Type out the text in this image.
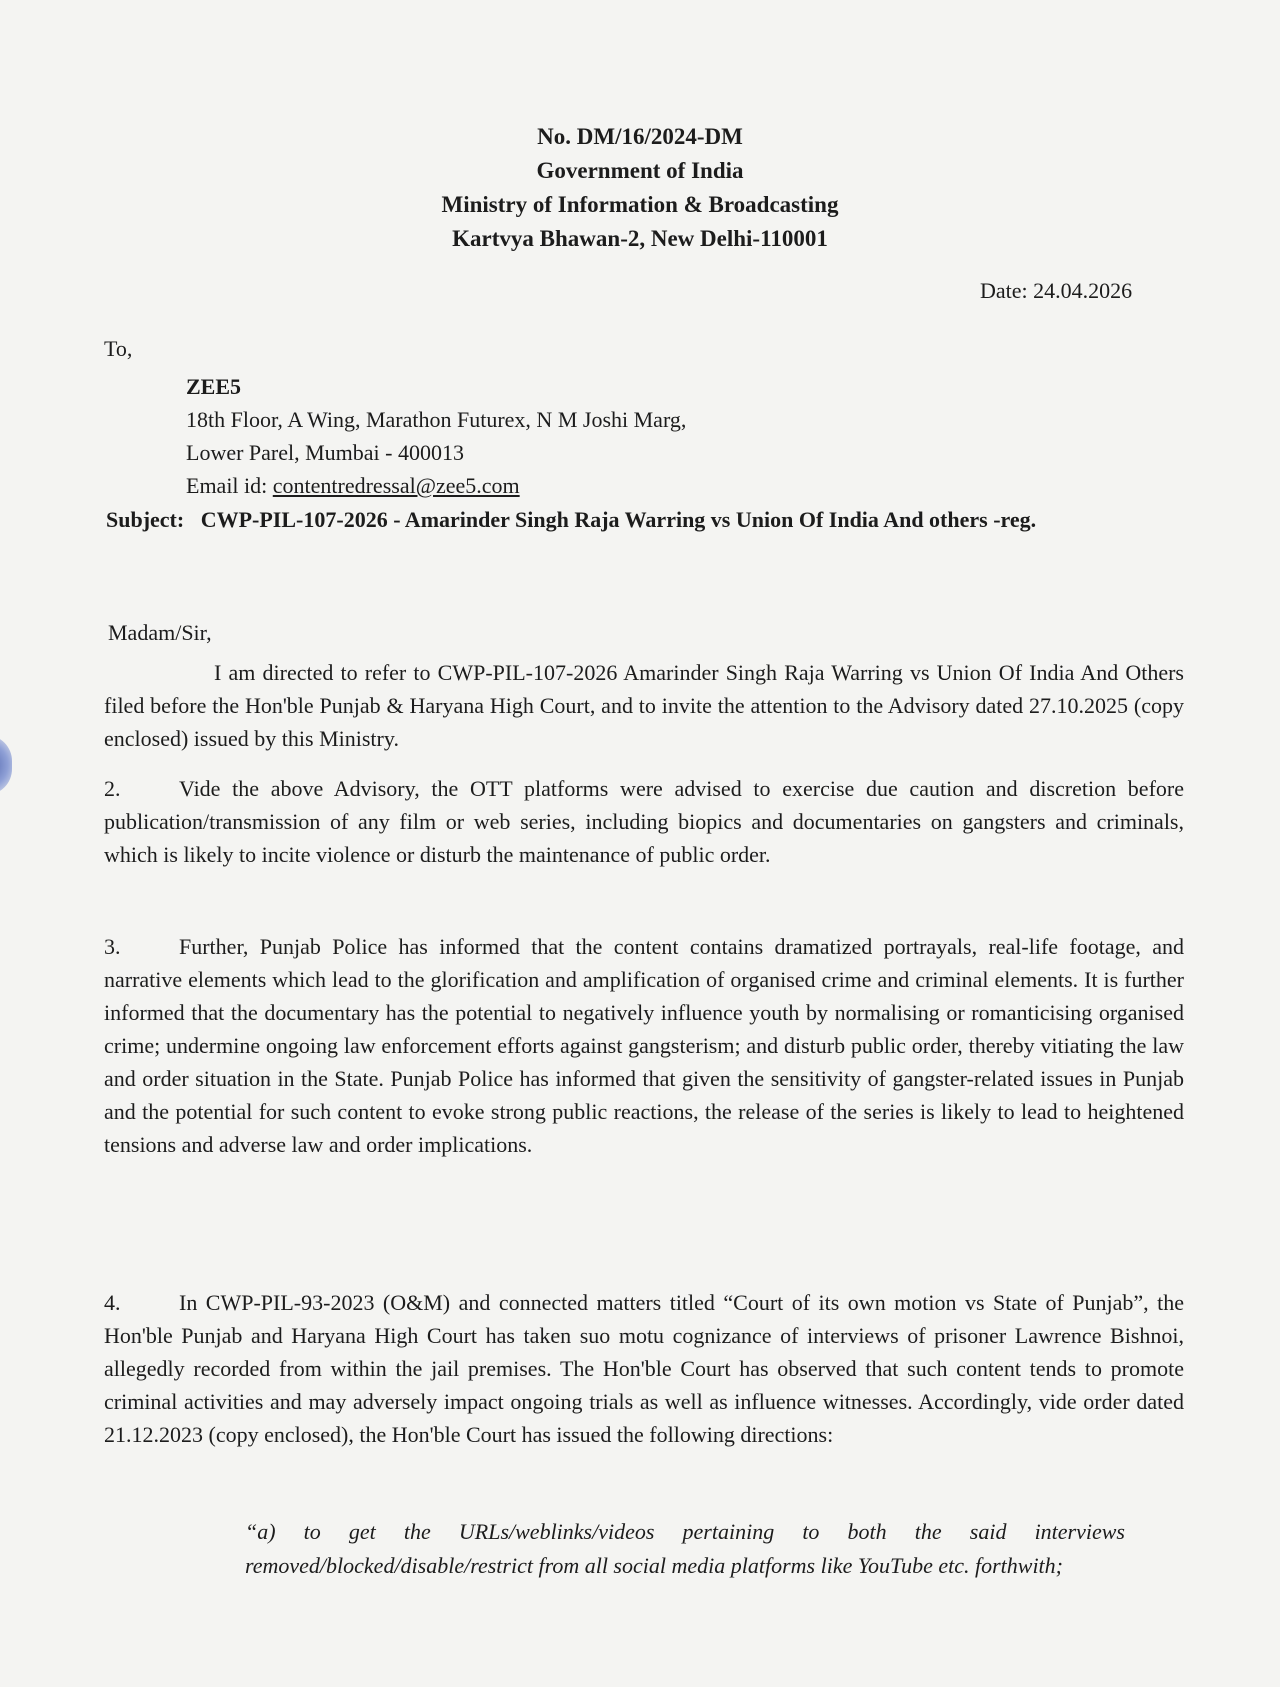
No. DM/16/2024-DM
Government of India
Ministry of Information & Broadcasting
Kartvya Bhawan-2, New Delhi-110001
Date: 24.04.2026
To,
ZEE5
18th Floor, A Wing, Marathon Futurex, N M Joshi Marg,
Lower Parel, Mumbai - 400013
Email id: contentredressal@zee5.com
Subject: CWP-PIL-107-2026 - Amarinder Singh Raja Warring vs Union Of India And others -reg.
Madam/Sir,
I am directed to refer to CWP-PIL-107-2026 Amarinder Singh Raja Warring vs Union Of India And Others filed before the Hon'ble Punjab & Haryana High Court, and to invite the attention to the Advisory dated 27.10.2025 (copy enclosed) issued by this Ministry.
2.	Vide the above Advisory, the OTT platforms were advised to exercise due caution and discretion before publication/transmission of any film or web series, including biopics and documentaries on gangsters and criminals, which is likely to incite violence or disturb the maintenance of public order.
3.	Further, Punjab Police has informed that the content contains dramatized portrayals, real-life footage, and narrative elements which lead to the glorification and amplification of organised crime and criminal elements. It is further informed that the documentary has the potential to negatively influence youth by normalising or romanticising organised crime; undermine ongoing law enforcement efforts against gangsterism; and disturb public order, thereby vitiating the law and order situation in the State. Punjab Police has informed that given the sensitivity of gangster-related issues in Punjab and the potential for such content to evoke strong public reactions, the release of the series is likely to lead to heightened tensions and adverse law and order implications.
4.	In CWP-PIL-93-2023 (O&M) and connected matters titled “Court of its own motion vs State of Punjab”, the Hon'ble Punjab and Haryana High Court has taken suo motu cognizance of interviews of prisoner Lawrence Bishnoi, allegedly recorded from within the jail premises. The Hon'ble Court has observed that such content tends to promote criminal activities and may adversely impact ongoing trials as well as influence witnesses. Accordingly, vide order dated 21.12.2023 (copy enclosed), the Hon'ble Court has issued the following directions:
“a) to get the URLs/weblinks/videos pertaining to both the said interviews removed/blocked/disable/restrict from all social media platforms like YouTube etc. forthwith;
